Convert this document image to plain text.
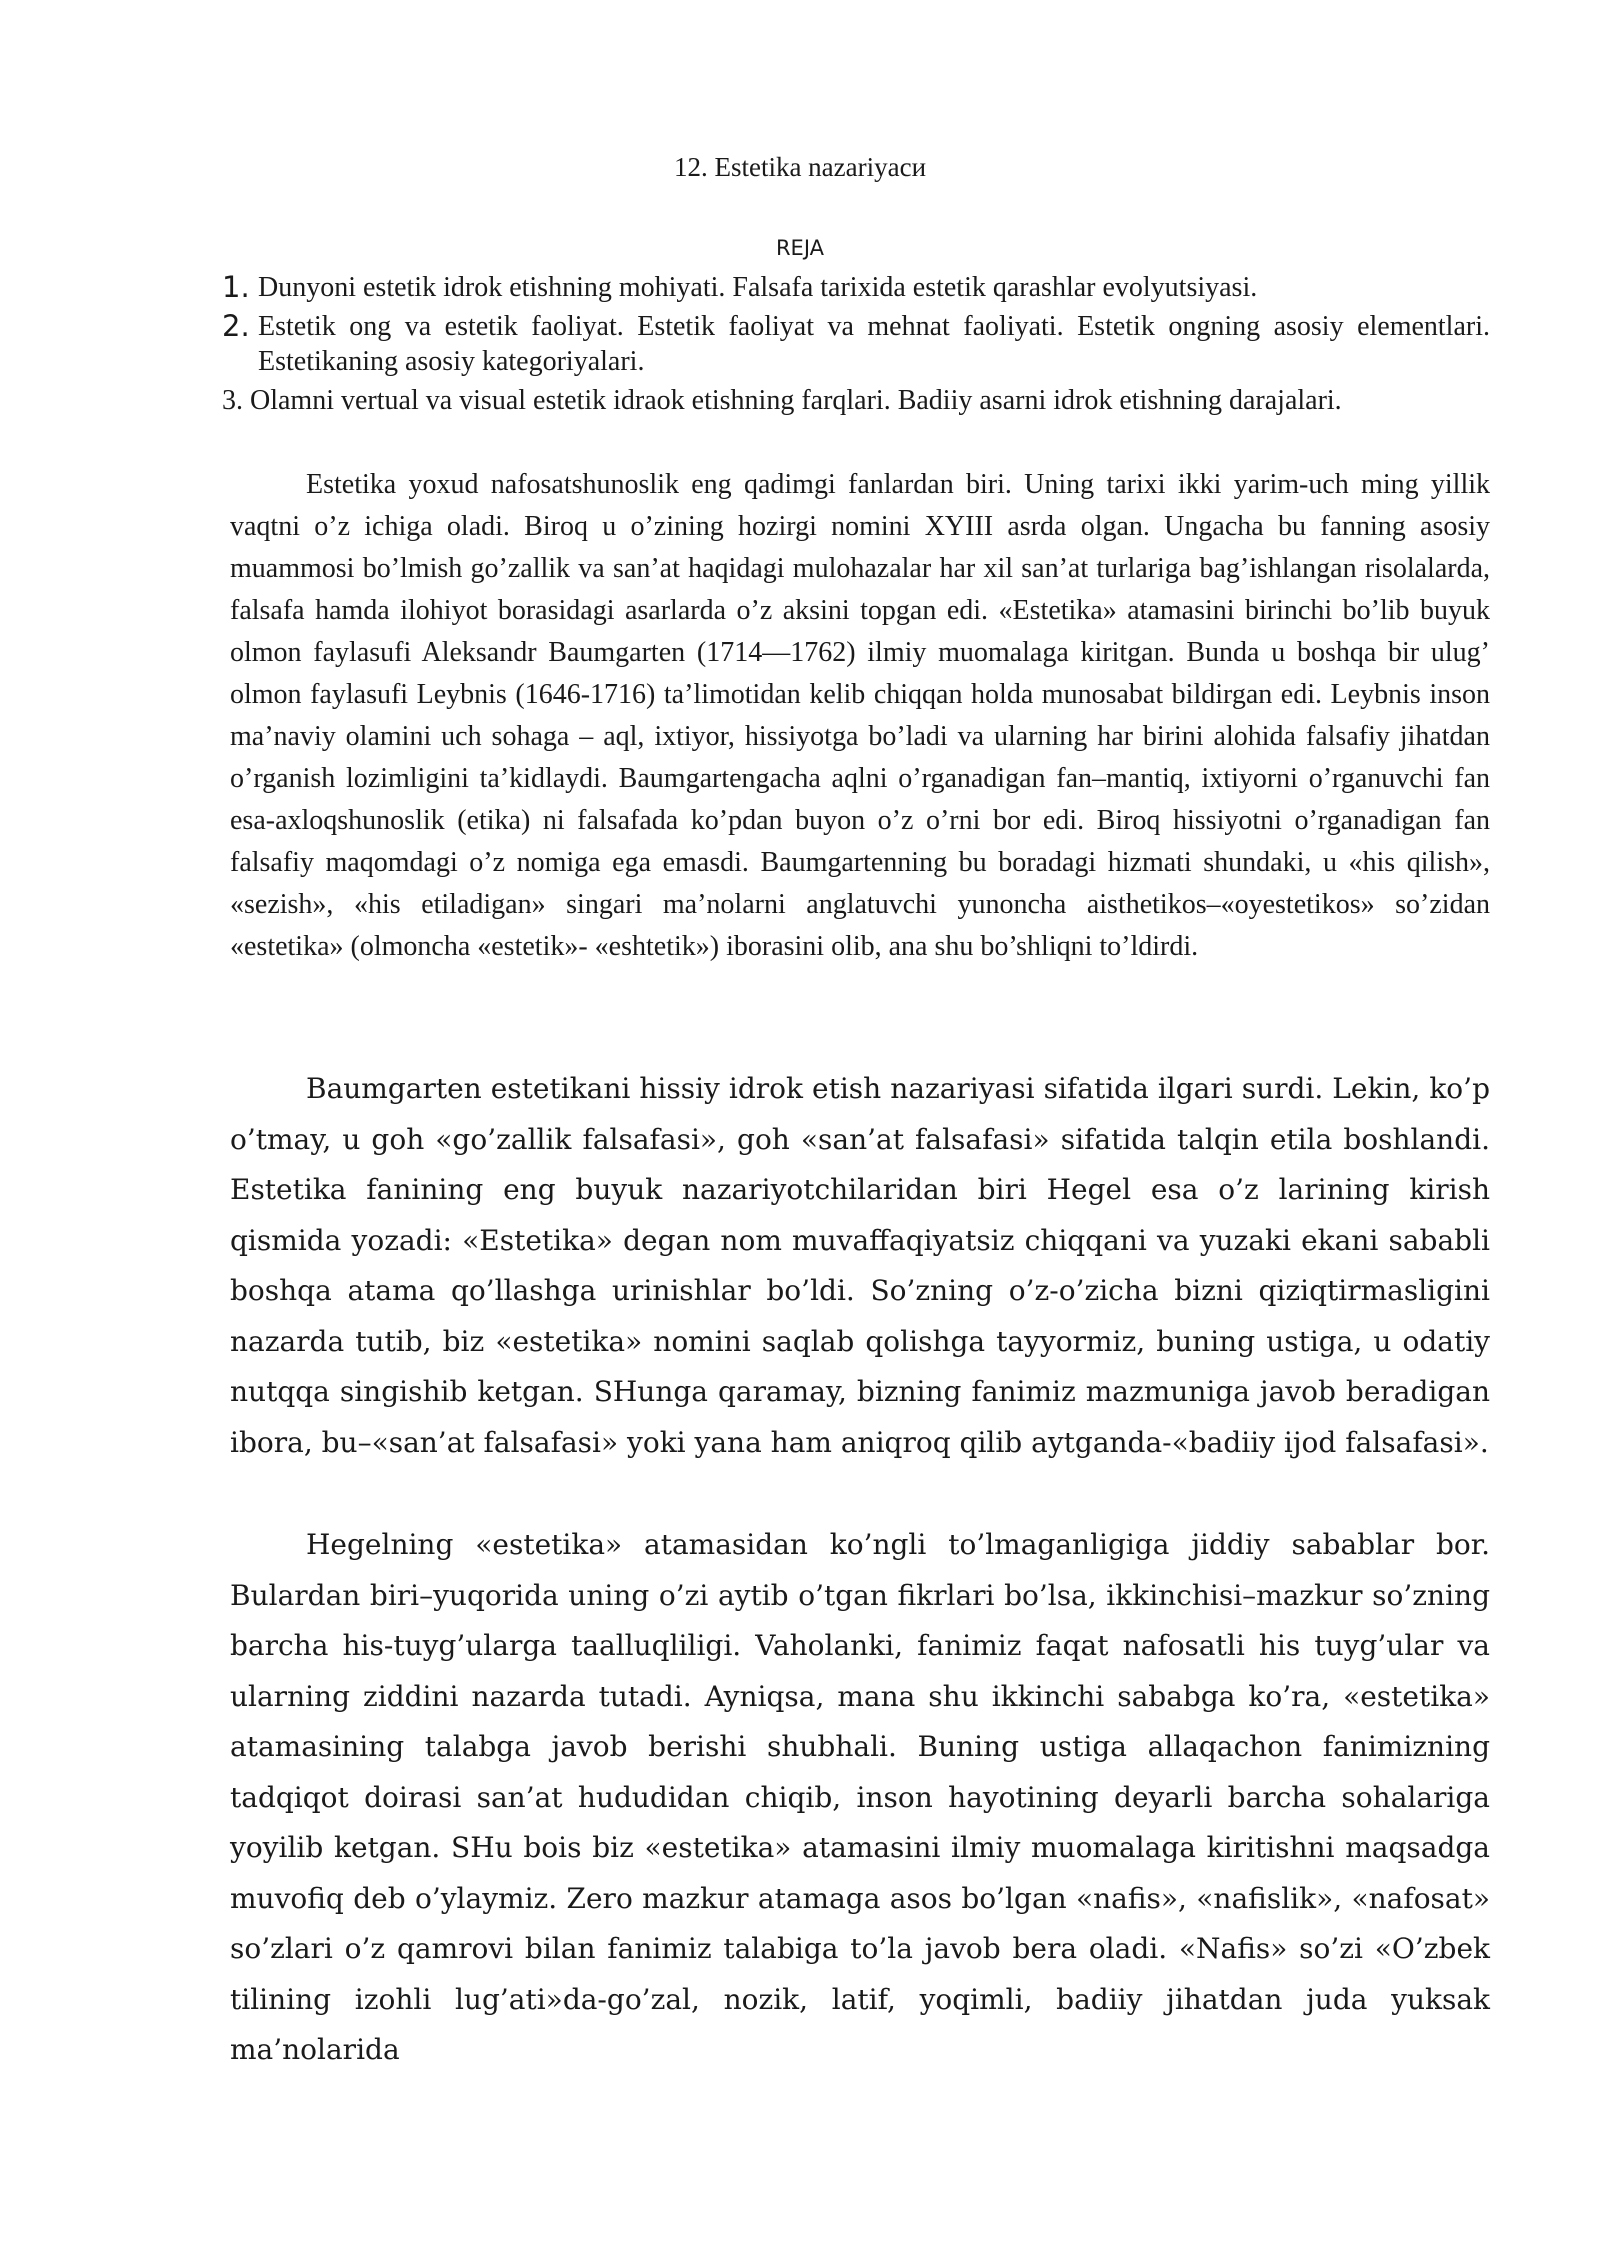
12. Estetika nazariyaси
REJA
1. Dunyoni estetik idrok etishning mohiyati. Falsafa tarixida estetik qarashlar evolyutsiyasi.
2. Estetik ong va estetik faoliyat. Estetik faoliyat va mehnat faoliyati. Estetik ongning asosiy elementlari. Estetikaning asosiy kategoriyalari.
3. Olamni vertual va visual estetik idraok etishning farqlari. Badiiy asarni idrok etishning darajalari.

Estetika yoxud nafosatshunoslik eng qadimgi fanlardan biri. Uning tarixi ikki yarim-uch ming yillik vaqtni o’z ichiga oladi. Biroq u o’zining hozirgi nomini XYIII asrda olgan. Ungacha bu fanning asosiy muammosi bo’lmish go’zallik va san’at haqidagi mulohazalar har xil san’at turlariga bag’ishlangan risolalarda, falsafa hamda ilohiyot borasidagi asarlarda o’z aksini topgan edi. «Estetika» atamasini birinchi bo’lib buyuk olmon faylasufi Aleksandr Baumgarten (1714—1762) ilmiy muomalaga kiritgan. Bunda u boshqa bir ulug’ olmon faylasufi Leybnis (1646-1716) ta’limotidan kelib chiqqan holda munosabat bildirgan edi. Leybnis inson ma’naviy olamini uch sohaga – aql, ixtiyor, hissiyotga bo’ladi va ularning har birini alohida falsafiy jihatdan o’rganish lozimligini ta’kidlaydi. Baumgartengacha aqlni o’rganadigan fan–mantiq, ixtiyorni o’rganuvchi fan esa-axloqshunoslik (etika) ni falsafada ko’pdan buyon o’z o’rni bor edi. Biroq hissiyotni o’rganadigan fan falsafiy maqomdagi o’z nomiga ega emasdi. Baumgartenning bu boradagi hizmati shundaki, u «his qilish», «sezish», «his etiladigan» singari ma’nolarni anglatuvchi yunoncha aisthetikos–«oyestetikos» so’zidan «estetika» (olmoncha «estetik»- «eshtetik») iborasini olib, ana shu bo’shliqni to’ldirdi.

Baumgarten estetikani hissiy idrok etish nazariyasi sifatida ilgari surdi. Lekin, ko’p o’tmay, u goh «go’zallik falsafasi», goh «san’at falsafasi» sifatida talqin etila boshlandi. Estetika fanining eng buyuk nazariyotchilaridan biri Hegel esa o’z larining kirish qismida yozadi: «Estetika» degan nom muvaffaqiyatsiz chiqqani va yuzaki ekani sababli boshqa atama qo’llashga urinishlar bo’ldi. So’zning o’z-o’zicha bizni qiziqtirmasligini nazarda tutib, biz «estetika» nomini saqlab qolishga tayyormiz, buning ustiga, u odatiy nutqqa singishib ketgan. SHunga qaramay, bizning fanimiz mazmuniga javob beradigan ibora, bu–«san’at falsafasi» yoki yana ham aniqroq qilib aytganda-«badiiy ijod falsafasi».

Hegelning «estetika» atamasidan ko’ngli to’lmaganligiga jiddiy sabablar bor. Bulardan biri–yuqorida uning o’zi aytib o’tgan fikrlari bo’lsa, ikkinchisi–mazkur so’zning barcha his-tuyg’ularga taalluqliligi. Vaholanki, fanimiz faqat nafosatli his tuyg’ular va ularning ziddini nazarda tutadi. Ayniqsa, mana shu ikkinchi sababga ko’ra, «estetika» atamasining talabga javob berishi shubhali. Buning ustiga allaqachon fanimizning tadqiqot doirasi san’at hududidan chiqib, inson hayotining deyarli barcha sohalariga yoyilib ketgan. SHu bois biz «estetika» atamasini ilmiy muomalaga kiritishni maqsadga muvofiq deb o’ylaymiz. Zero mazkur atamaga asos bo’lgan «nafis», «nafislik», «nafosat» so’zlari o’z qamrovi bilan fanimiz talabiga to’la javob bera oladi. «Nafis» so’zi «O’zbek tilining izohli lug’ati»da-go’zal, nozik, latif, yoqimli, badiiy jihatdan juda yuksak ma’nolarida
